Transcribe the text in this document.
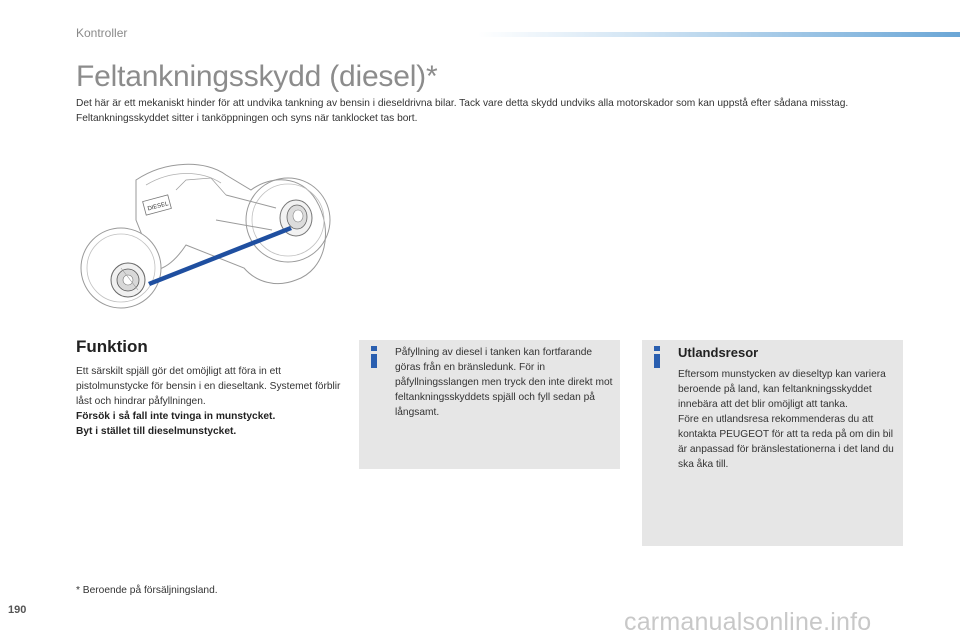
Kontroller
Feltankningsskydd (diesel)*

Det här är ett mekaniskt hinder för att undvika tankning av bensin i dieseldrivna bilar. Tack vare detta skydd undviks alla motorskador som kan uppstå efter sådana misstag.

Feltankningsskyddet sitter i tanköppningen och syns när tanklocket tas bort.

DIESEL
Funktion

Ett särskilt spjäll gör det omöjligt att föra in ett pistolmunstycke för bensin i en dieseltank. Systemet förblir låst och hindrar påfyllningen.

Försök i så fall inte tvinga in munstycket.

Byt i stället till dieselmunstycket.

Påfyllning av diesel i tanken kan fortfarande göras från en bränsledunk. För in påfyllningsslangen men tryck den inte direkt mot feltankningsskyddets spjäll och fyll sedan på långsamt.

Utlandsresor

Eftersom munstycken av dieseltyp kan variera beroende på land, kan feltankningsskyddet innebära att det blir omöjligt att tanka.

Före en utlandsresa rekommenderas du att kontakta PEUGEOT för att ta reda på om din bil är anpassad för bränslestationerna i det land du ska åka till.

* Beroende på försäljningsland.
190	carmanualsonline.info
